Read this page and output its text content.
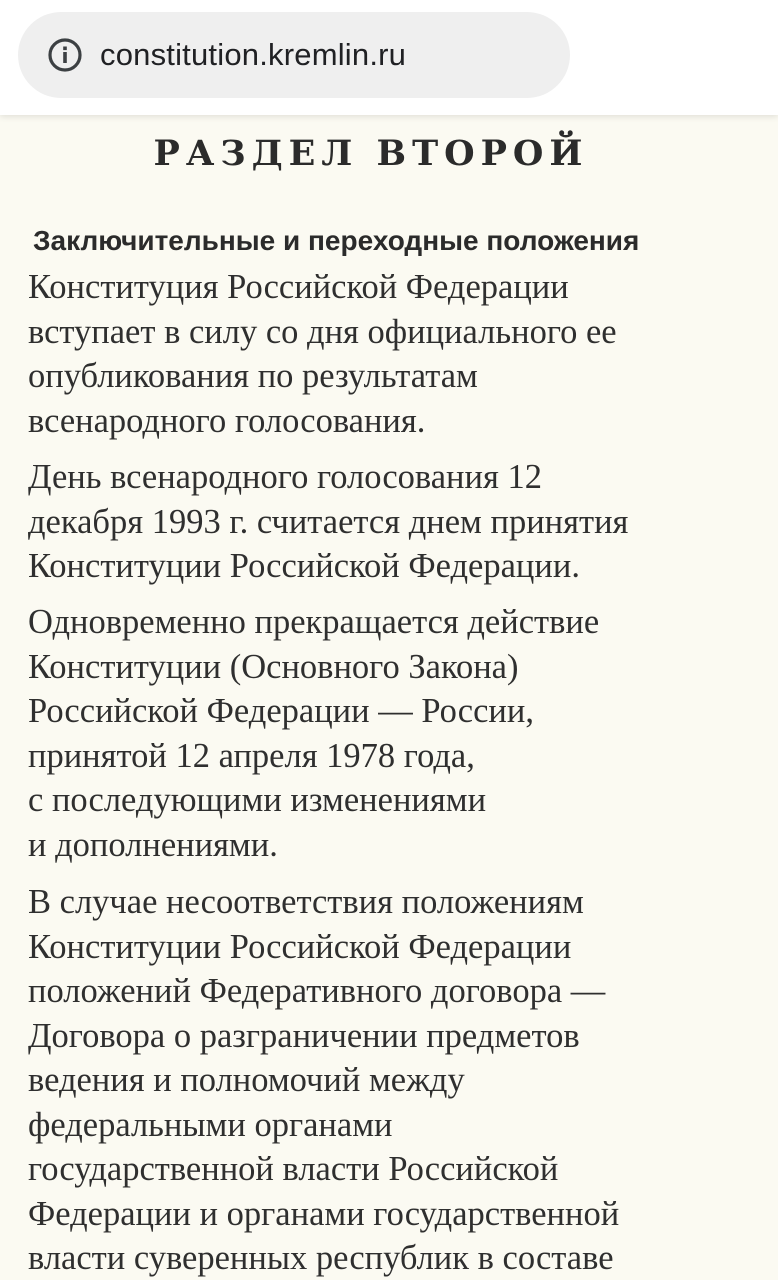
constitution.kremlin.ru
РАЗДЕЛ ВТОРОЙ
Заключительные и переходные положения
Конституция Российской Федерации
вступает в силу со дня официального ее
опубликования по результатам
всенародного голосования.
День всенародного голосования 12
декабря 1993 г. считается днем принятия
Конституции Российской Федерации.
Одновременно прекращается действие
Конституции (Основного Закона)
Российской Федерации — России,
принятой 12 апреля 1978 года,
с последующими изменениями
и дополнениями.
В случае несоответствия положениям
Конституции Российской Федерации
положений Федеративного договора —
Договора о разграничении предметов
ведения и полномочий между
федеральными органами
государственной власти Российской
Федерации и органами государственной
власти суверенных республик в составе
